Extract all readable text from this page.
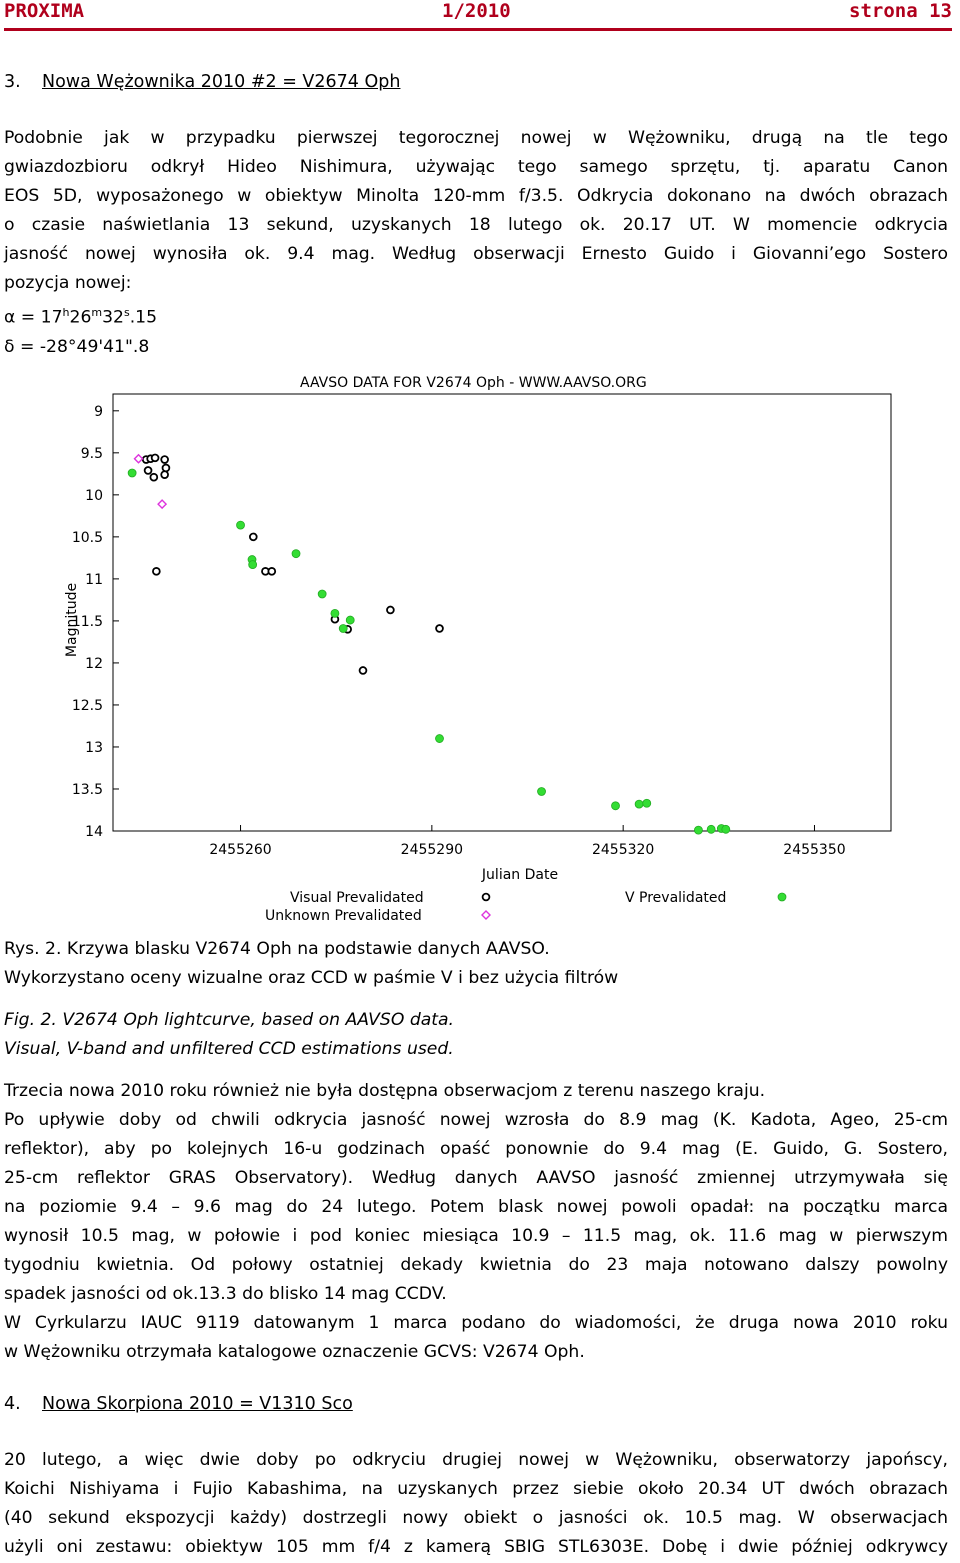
PROXIMA	1/2010	strona 13
3. Nowa Wężownika 2010 #2 = V2674 Oph
Podobnie jak w przypadku pierwszej tegorocznej nowej w Wężowniku, drugą na tle tego
gwiazdozbioru odkrył Hideo Nishimura, używając tego samego sprzętu, tj. aparatu Canon
EOS 5D, wyposażonego w obiektyw Minolta 120-mm f/3.5. Odkrycia dokonano na dwóch obrazach
o czasie naświetlania 13 sekund, uzyskanych 18 lutego ok. 20.17 UT. W momencie odkrycia
jasność nowej wynosiła ok. 9.4 mag. Według obserwacji Ernesto Guido i Giovanni’ego Sostero
pozycja nowej:
$\alpha = 17^h26^m32^s.15$
δ = -28°49'41".8
AAVSO DATA FOR V2674 Oph - WWW.AAVSO.ORG
Magnitude
Julian Date
2455260	2455290	2455320	2455350
9
9.5
10
10.5
11
11.5
12
12.5
13
13.5
14
Visual Prevalidated
Unknown Prevalidated
V Prevalidated
Rys. 2. Krzywa blasku V2674 Oph na podstawie danych AAVSO.
Wykorzystano oceny wizualne oraz CCD w paśmie V i bez użycia filtrów
Fig. 2. V2674 Oph lightcurve, based on AAVSO data.
Visual, V-band and unfiltered CCD estimations used.
Trzecia nowa 2010 roku również nie była dostępna obserwacjom z terenu naszego kraju.
Po upływie doby od chwili odkrycia jasność nowej wzrosła do 8.9 mag (K. Kadota, Ageo, 25-cm
reflektor), aby po kolejnych 16-u godzinach opaść ponownie do 9.4 mag (E. Guido, G. Sostero,
25-cm reflektor GRAS Observatory). Według danych AAVSO jasność zmiennej utrzymywała się
na poziomie 9.4 – 9.6 mag do 24 lutego. Potem blask nowej powoli opadał: na początku marca
wynosił 10.5 mag, w połowie i pod koniec miesiąca 10.9 – 11.5 mag, ok. 11.6 mag w pierwszym
tygodniu kwietnia. Od połowy ostatniej dekady kwietnia do 23 maja notowano dalszy powolny
spadek jasności od ok.13.3 do blisko 14 mag CCDV.
W Cyrkularzu IAUC 9119 datowanym 1 marca podano do wiadomości, że druga nowa 2010 roku
w Wężowniku otrzymała katalogowe oznaczenie GCVS: V2674 Oph.
4. Nowa Skorpiona 2010 = V1310 Sco
20 lutego, a więc dwie doby po odkryciu drugiej nowej w Wężowniku, obserwatorzy japońscy,
Koichi Nishiyama i Fujio Kabashima, na uzyskanych przez siebie około 20.34 UT dwóch obrazach
(40 sekund ekspozycji każdy) dostrzegli nowy obiekt o jasności ok. 10.5 mag. W obserwacjach
użyli oni zestawu: obiektyw 105 mm f/4 z kamerą SBIG STL6303E. Dobę i dwie później odkrywcy
